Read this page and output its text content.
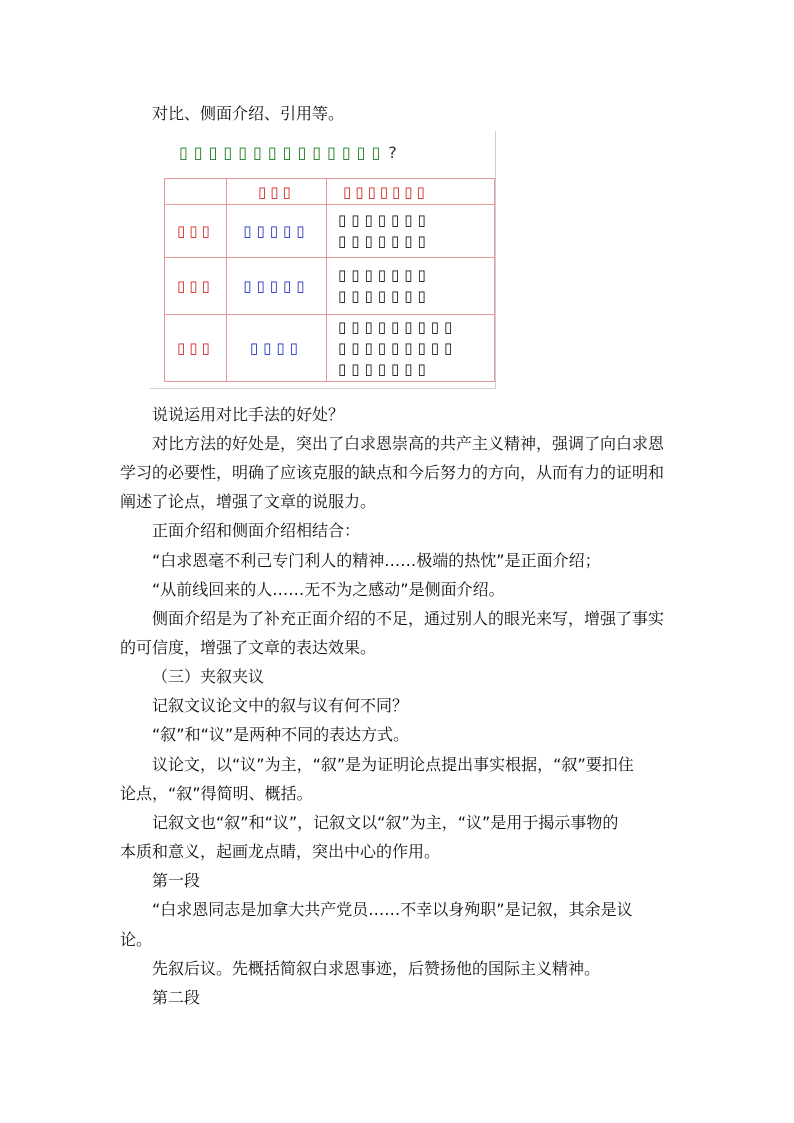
对比、侧面介绍、引用等。
▯▯▯▯▯▯▯▯▯▯▯▯▯▯ ?
	▯▯▯	▯▯▯▯▯▯▯
▯▯▯	▯▯▯▯▯	▯▯▯▯▯▯▯
▯▯▯▯▯▯▯

▯▯▯	▯▯▯▯▯	▯▯▯▯▯▯▯
▯▯▯▯▯▯▯

▯▯▯	▯▯▯▯	▯▯▯▯▯▯▯▯▯
▯▯▯▯▯▯▯▯▯
▯▯▯▯▯▯▯
说说运用对比手法的好处？
对比方法的好处是，突出了白求恩崇高的共产主义精神，强调了向白求恩
学习的必要性，明确了应该克服的缺点和今后努力的方向，从而有力的证明和
阐述了论点，增强了文章的说服力。
正面介绍和侧面介绍相结合：
“白求恩毫不利己专门利人的精神……极端的热忱”是正面介绍；
“从前线回来的人……无不为之感动”是侧面介绍。
侧面介绍是为了补充正面介绍的不足，通过别人的眼光来写，增强了事实
的可信度，增强了文章的表达效果。
（三）夹叙夹议
记叙文议论文中的叙与议有何不同？
“叙”和“议”是两种不同的表达方式。
议论文，以“议”为主，“叙”是为证明论点提出事实根据，“叙”要扣住
论点，“叙”得简明、概括。
记叙文也“叙”和“议”，记叙文以“叙”为主，“议”是用于揭示事物的
本质和意义，起画龙点睛，突出中心的作用。
第一段
“白求恩同志是加拿大共产党员……不幸以身殉职”是记叙，其余是议
论。
先叙后议。先概括简叙白求恩事迹，后赞扬他的国际主义精神。
第二段
